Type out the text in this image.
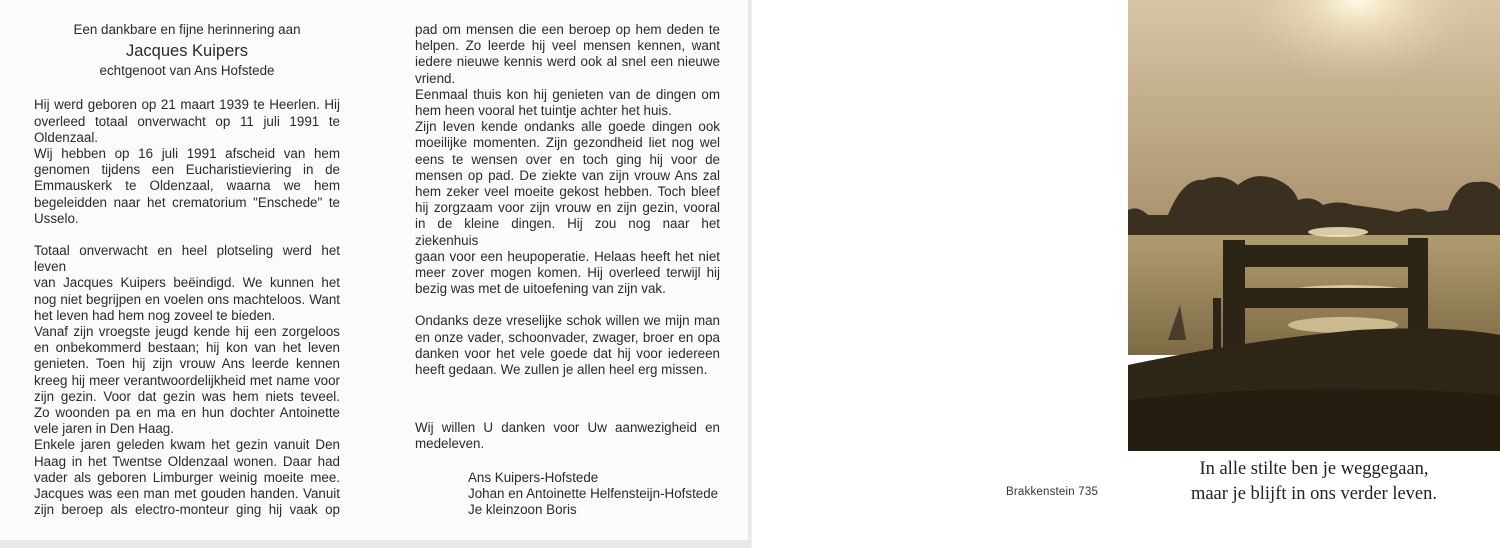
Een dankbare en fijne herinnering aan
Jacques Kuipers
echtgenoot van Ans Hofstede

Hij werd geboren op 21 maart 1939 te Heerlen. Hij

overleed totaal onverwacht op 11 juli 1991 te

Oldenzaal.

Wij hebben op 16 juli 1991 afscheid van hem

genomen tijdens een Eucharistieviering in de

Emmauskerk te Oldenzaal, waarna we hem

begeleidden naar het crematorium "Enschede" te

Usselo.

Totaal onverwacht en heel plotseling werd het leven

van Jacques Kuipers beëindigd. We kunnen het

nog niet begrijpen en voelen ons machteloos. Want

het leven had hem nog zoveel te bieden.

Vanaf zijn vroegste jeugd kende hij een zorgeloos

en onbekommerd bestaan; hij kon van het leven

genieten. Toen hij zijn vrouw Ans leerde kennen

kreeg hij meer verantwoordelijkheid met name voor

zijn gezin. Voor dat gezin was hem niets teveel.

Zo woonden pa en ma en hun dochter Antoinette

vele jaren in Den Haag.

Enkele jaren geleden kwam het gezin vanuit Den

Haag in het Twentse Oldenzaal wonen. Daar had

vader als geboren Limburger weinig moeite mee.

Jacques was een man met gouden handen. Vanuit

zijn beroep als electro-monteur ging hij vaak op

pad om mensen die een beroep op hem deden te

helpen. Zo leerde hij veel mensen kennen, want

iedere nieuwe kennis werd ook al snel een nieuwe

vriend.

Eenmaal thuis kon hij genieten van de dingen om

hem heen vooral het tuintje achter het huis.

Zijn leven kende ondanks alle goede dingen ook

moeilijke momenten. Zijn gezondheid liet nog wel

eens te wensen over en toch ging hij voor de

mensen op pad. De ziekte van zijn vrouw Ans zal

hem zeker veel moeite gekost hebben. Toch bleef

hij zorgzaam voor zijn vrouw en zijn gezin, vooral

in de kleine dingen. Hij zou nog naar het ziekenhuis

gaan voor een heupoperatie. Helaas heeft het niet

meer zover mogen komen. Hij overleed terwijl hij

bezig was met de uitoefening van zijn vak.

Ondanks deze vreselijke schok willen we mijn man

en onze vader, schoonvader, zwager, broer en opa

danken voor het vele goede dat hij voor iedereen

heeft gedaan. We zullen je allen heel erg missen.

Wij willen U danken voor Uw aanwezigheid en

medeleven.

Ans Kuipers-Hofstede
Johan en Antoinette Helfensteijn-Hofstede
Je kleinzoon Boris
In alle stilte ben je weggegaan,
maar je blijft in ons verder leven.
Brakkenstein 735
